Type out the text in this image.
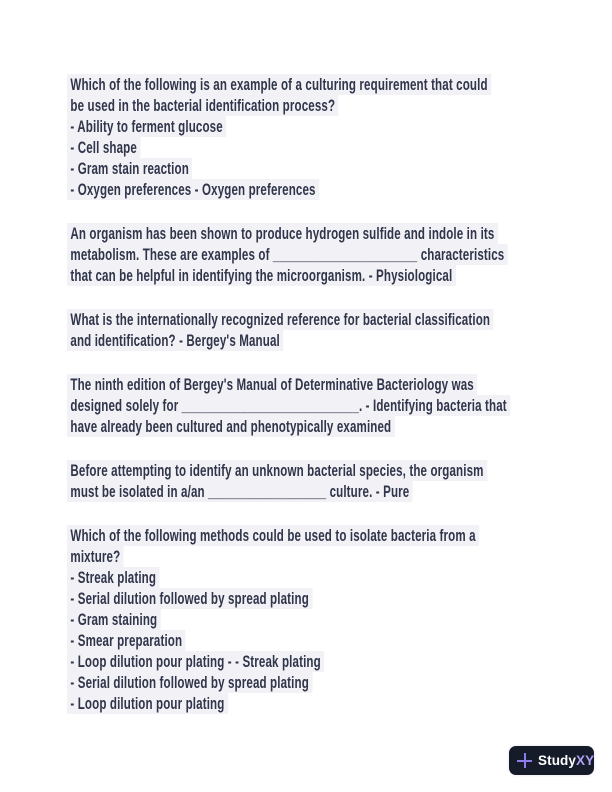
Which of the following is an example of a culturing requirement that could
be used in the bacterial identification process?
- Ability to ferment glucose
- Cell shape
- Gram stain reaction
- Oxygen preferences - Oxygen preferences
An organism has been shown to produce hydrogen sulfide and indole in its
metabolism. These are examples of ______________________ characteristics
that can be helpful in identifying the microorganism. - Physiological
What is the internationally recognized reference for bacterial classification
and identification? - Bergey's Manual
The ninth edition of Bergey's Manual of Determinative Bacteriology was
designed solely for ___________________________. - Identifying bacteria that
have already been cultured and phenotypically examined
Before attempting to identify an unknown bacterial species, the organism
must be isolated in a/an __________________ culture. - Pure
Which of the following methods could be used to isolate bacteria from a
mixture?
- Streak plating
- Serial dilution followed by spread plating
- Gram staining
- Smear preparation
- Loop dilution pour plating - - Streak plating
- Serial dilution followed by spread plating
- Loop dilution pour plating
StudyXY
